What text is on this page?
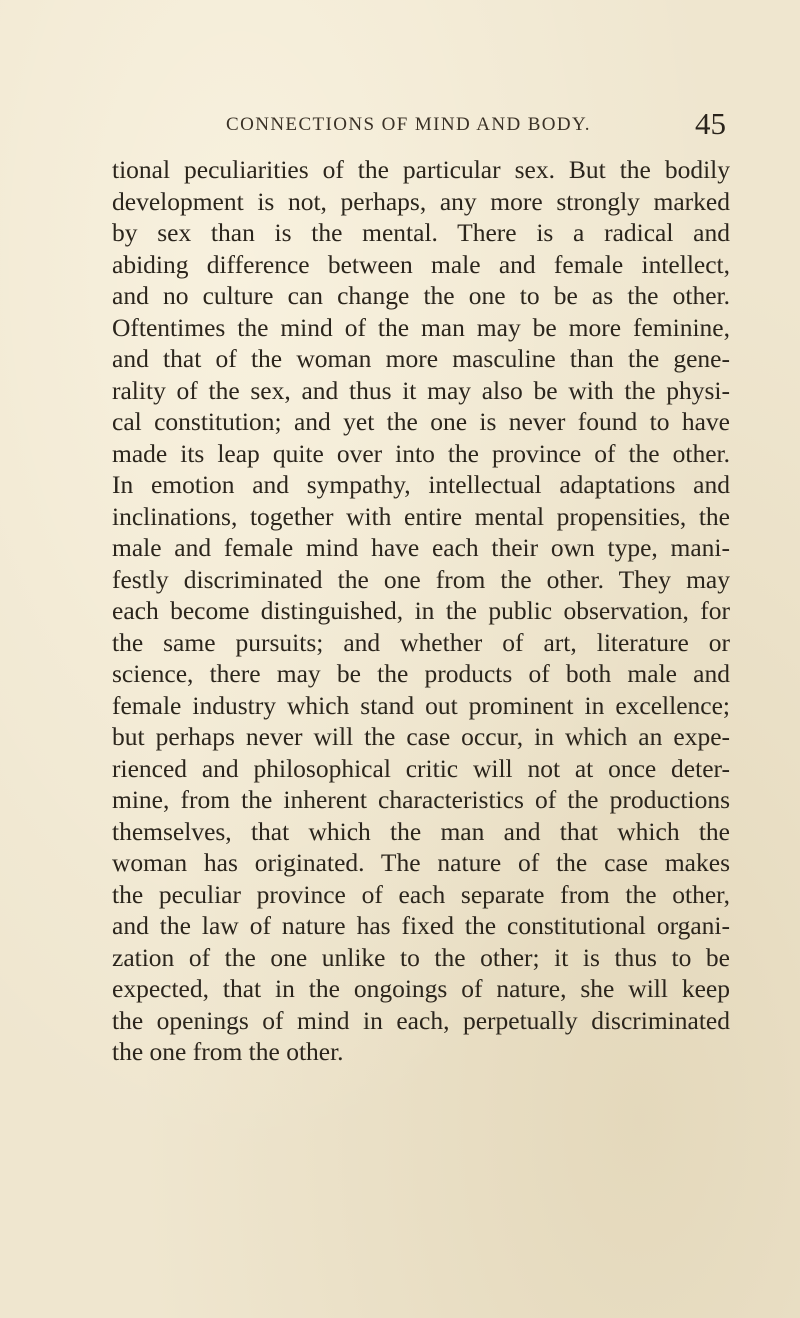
CONNECTIONS OF MIND AND BODY.	45
tional peculiarities of the particular sex. But the bodily
development is not, perhaps, any more strongly marked
by sex than is the mental. There is a radical and
abiding difference between male and female intellect,
and no culture can change the one to be as the other.
Oftentimes the mind of the man may be more feminine,
and that of the woman more masculine than the gene-
rality of the sex, and thus it may also be with the physi-
cal constitution; and yet the one is never found to have
made its leap quite over into the province of the other.
In emotion and sympathy, intellectual adaptations and
inclinations, together with entire mental propensities, the
male and female mind have each their own type, mani-
festly discriminated the one from the other. They may
each become distinguished, in the public observation, for
the same pursuits; and whether of art, literature or
science, there may be the products of both male and
female industry which stand out prominent in excellence;
but perhaps never will the case occur, in which an expe-
rienced and philosophical critic will not at once deter-
mine, from the inherent characteristics of the productions
themselves, that which the man and that which the
woman has originated. The nature of the case makes
the peculiar province of each separate from the other,
and the law of nature has fixed the constitutional organi-
zation of the one unlike to the other; it is thus to be
expected, that in the ongoings of nature, she will keep
the openings of mind in each, perpetually discriminated
the one from the other.
